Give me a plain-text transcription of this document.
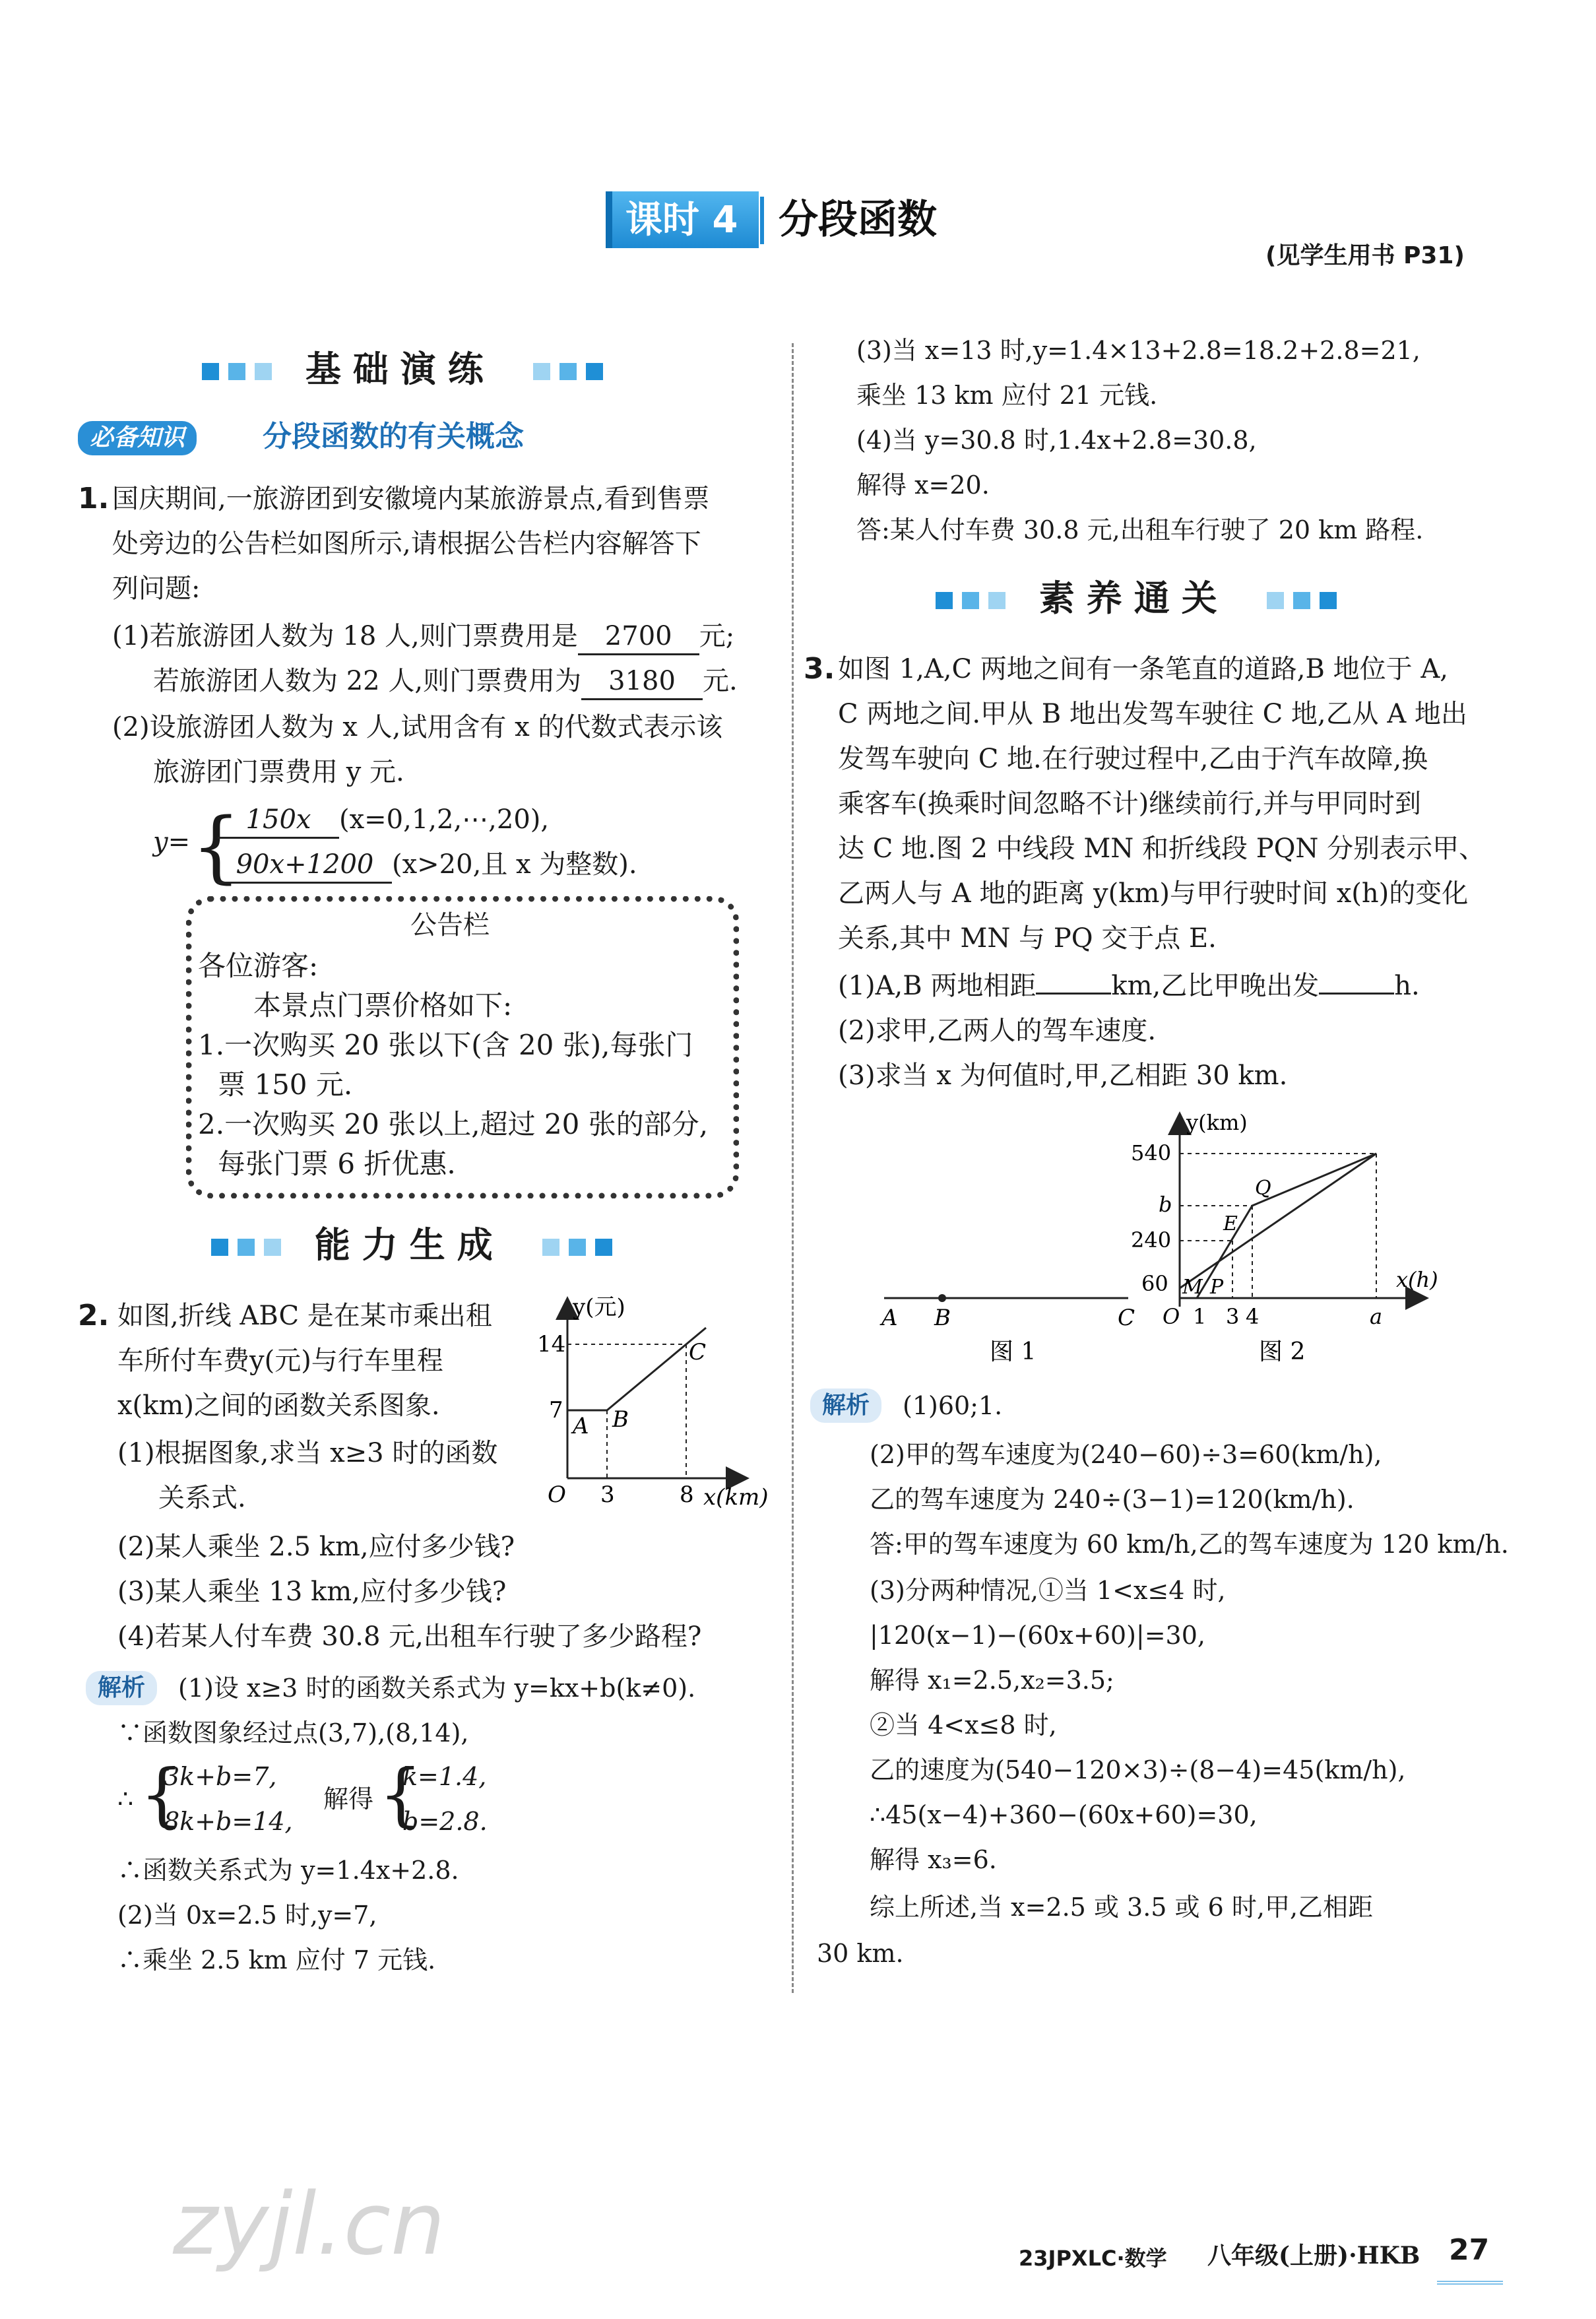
课时 4 分段函数
(见学生用书 P31)
基础演练
必备知识	分段函数的有关概念
1. 国庆期间,一旅游团到安徽境内某旅游景点,看到售票
处旁边的公告栏如图所示,请根据公告栏内容解答下
列问题:
(1)若旅游团人数为 18 人,则门票费用是 2700 元;
若旅游团人数为 22 人,则门票费用为 3180 元.
(2)设旅游团人数为 x 人,试用含有 x 的代数式表示该
旅游团门票费用 y 元.
y= { 150x (x=0,1,2,⋯,20),
90x+1200 (x>20,且 x 为整数).
公告栏
各位游客:
本景点门票价格如下:
1.一次购买 20 张以下(含 20 张),每张门
票 150 元.
2.一次购买 20 张以上,超过 20 张的部分,
每张门票 6 折优惠.
能力生成
2. 如图,折线 ABC 是在某市乘出租
车所付车费y(元)与行车里程
x(km)之间的函数关系图象.
(1)根据图象,求当 x≥3 时的函数
关系式.
(2)某人乘坐 2.5 km,应付多少钱?
(3)某人乘坐 13 km,应付多少钱?
(4)若某人付车费 30.8 元,出租车行驶了多少路程?
y(元)
x(km)
O
14
7
3	8
A B
C
解析	(1)设 x≥3 时的函数关系式为 y=kx+b(k≠0).
∵函数图象经过点(3,7),(8,14),
∴ {
3k+b=7,
8k+b=14,
解得 {
k=1.4,
b=2.8.
∴函数关系式为 y=1.4x+2.8.
(2)当 0x=2.5 时,y=7,
∴乘坐 2.5 km 应付 7 元钱.
(3)当 x=13 时,y=1.4×13+2.8=18.2+2.8=21,
乘坐 13 km 应付 21 元钱.
(4)当 y=30.8 时,1.4x+2.8=30.8,
解得 x=20.
答:某人付车费 30.8 元,出租车行驶了 20 km 路程.
素养通关
3. 如图 1,A,C 两地之间有一条笔直的道路,B 地位于 A,
C 两地之间.甲从 B 地出发驾车驶往 C 地,乙从 A 地出
发驾车驶向 C 地.在行驶过程中,乙由于汽车故障,换
乘客车(换乘时间忽略不计)继续前行,并与甲同时到
达 C 地.图 2 中线段 MN 和折线段 PQN 分别表示甲、
乙两人与 A 地的距离 y(km)与甲行驶时间 x(h)的变化
关系,其中 MN 与 PQ 交于点 E.
(1)A,B 两地相距	km,乙比甲晚出发	h.
(2)求甲,乙两人的驾车速度.
(3)求当 x 为何值时,甲,乙相距 30 km.
A B	C
图 1
y(km)
x(h)
O
540
b
240
60
1 3 4	a
M P
E
Q
图 2
解析	(1)60;1.
(2)甲的驾车速度为(240−60)÷3=60(km/h),
乙的驾车速度为 240÷(3−1)=120(km/h).
答:甲的驾车速度为 60 km/h,乙的驾车速度为 120 km/h.
(3)分两种情况,①当 1<x≤4 时,
|120(x−1)−(60x+60)|=30,
解得 x₁=2.5,x₂=3.5;
②当 4<x≤8 时,
乙的速度为(540−120×3)÷(8−4)=45(km/h),
∴45(x−4)+360−(60x+60)=30,
解得 x₃=6.
综上所述,当 x=2.5 或 3.5 或 6 时,甲,乙相距
30 km.
zyjl.cn	23JPXLC·数学 八年级(上册)·HKB 27
